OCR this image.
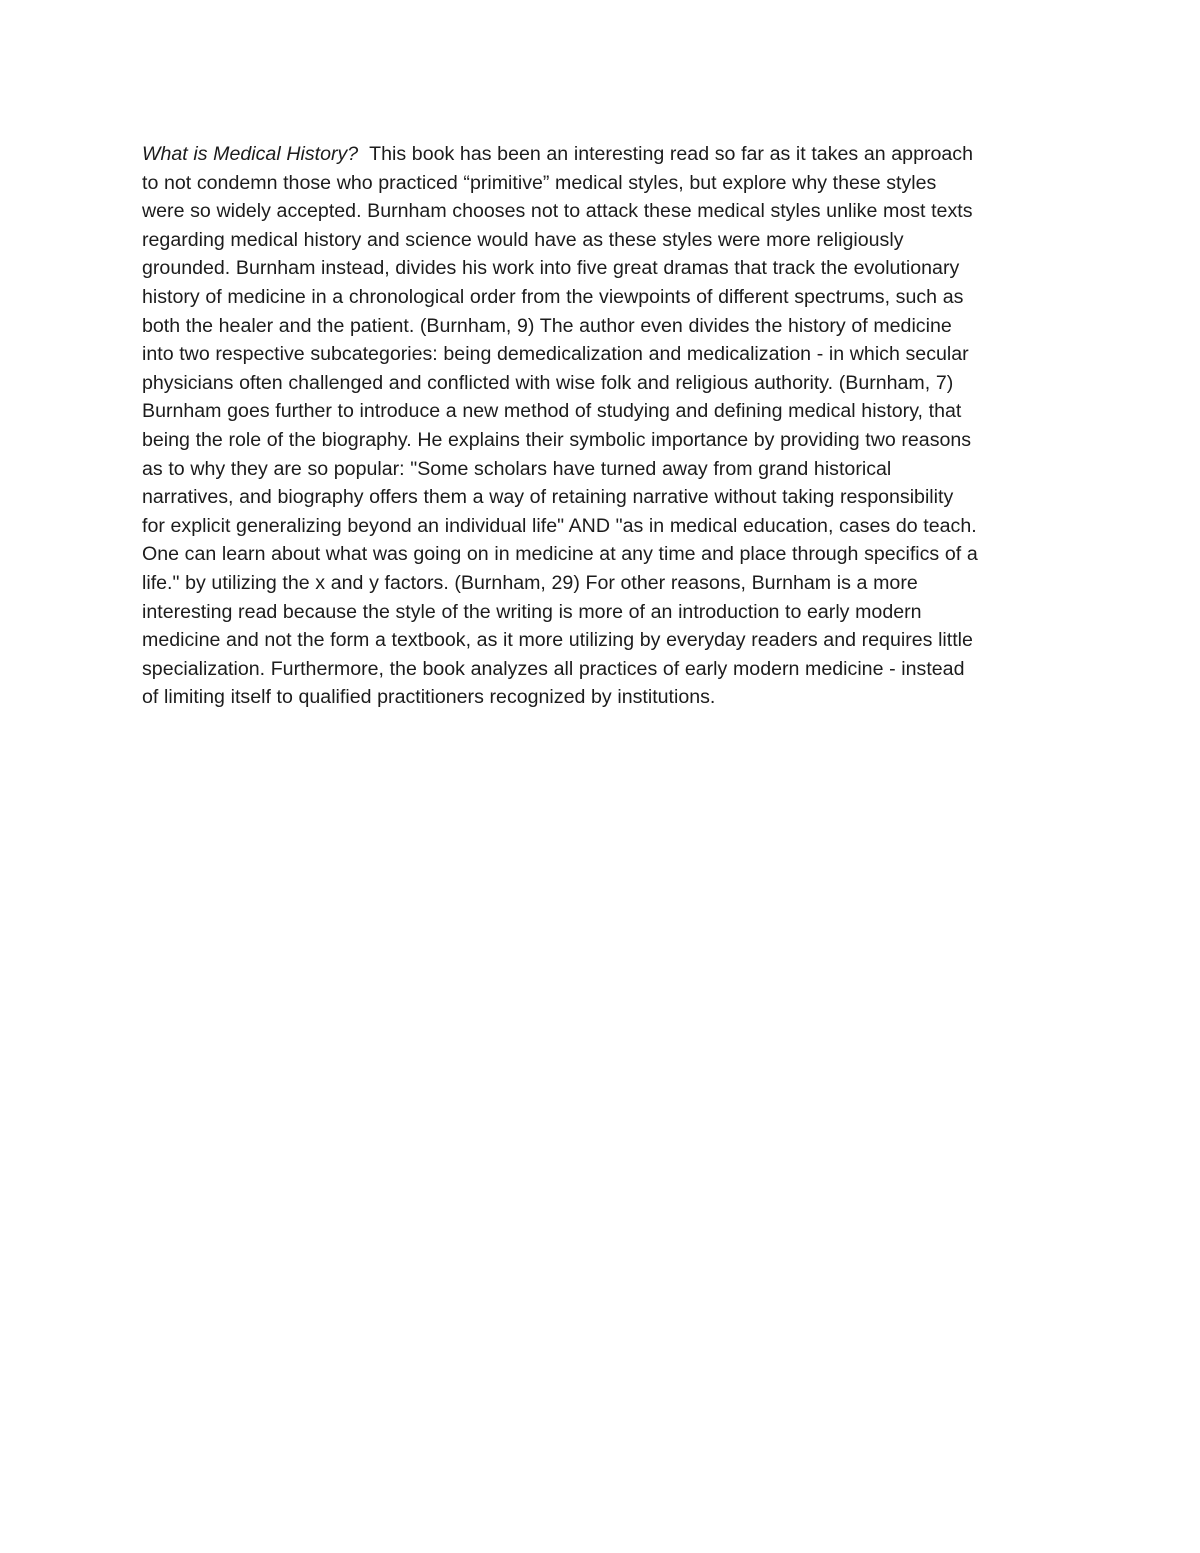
What is Medical History? This book has been an interesting read so far as it takes an approach
to not condemn those who practiced “primitive” medical styles, but explore why these styles
were so widely accepted. Burnham chooses not to attack these medical styles unlike most texts
regarding medical history and science would have as these styles were more religiously
grounded. Burnham instead, divides his work into five great dramas that track the evolutionary
history of medicine in a chronological order from the viewpoints of different spectrums, such as
both the healer and the patient. (Burnham, 9) The author even divides the history of medicine
into two respective subcategories: being demedicalization and medicalization - in which secular
physicians often challenged and conflicted with wise folk and religious authority. (Burnham, 7)
Burnham goes further to introduce a new method of studying and defining medical history, that
being the role of the biography. He explains their symbolic importance by providing two reasons
as to why they are so popular: "Some scholars have turned away from grand historical
narratives, and biography offers them a way of retaining narrative without taking responsibility
for explicit generalizing beyond an individual life" AND "as in medical education, cases do teach.
One can learn about what was going on in medicine at any time and place through specifics of a
life." by utilizing the x and y factors. (Burnham, 29) For other reasons, Burnham is a more
interesting read because the style of the writing is more of an introduction to early modern
medicine and not the form a textbook, as it more utilizing by everyday readers and requires little
specialization. Furthermore, the book analyzes all practices of early modern medicine - instead
of limiting itself to qualified practitioners recognized by institutions.
